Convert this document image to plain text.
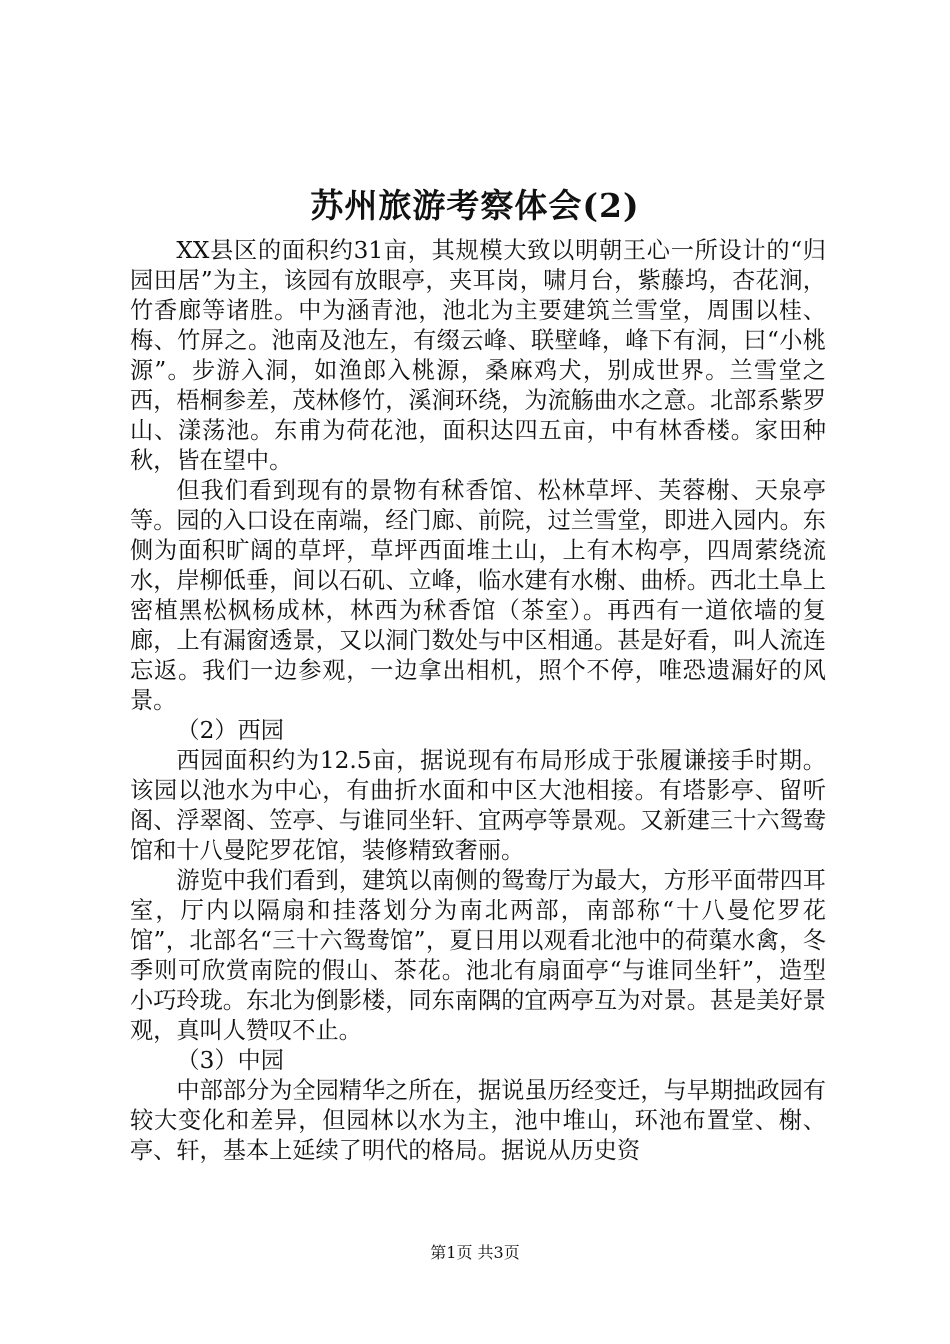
苏州旅游考察体会(2)

XX县区的面积约31亩，其规模大致以明朝王心一所设计的“归园田居”为主，该园有放眼亭，夹耳岗，啸月台，紫藤坞，杏花涧，竹香廊等诸胜。中为涵青池，池北为主要建筑兰雪堂，周围以桂、梅、竹屏之。池南及池左，有缀云峰、联壁峰，峰下有洞，曰“小桃源”。步游入洞，如渔郎入桃源，桑麻鸡犬，别成世界。兰雪堂之西，梧桐参差，茂林修竹，溪涧环绕，为流觞曲水之意。北部系紫罗山、漾荡池。东甫为荷花池，面积达四五亩，中有林香楼。家田种秋，皆在望中。

但我们看到现有的景物有秫香馆、松林草坪、芙蓉榭、天泉亭等。园的入口设在南端，经门廊、前院，过兰雪堂，即进入园内。东侧为面积旷阔的草坪，草坪西面堆土山，上有木构亭，四周萦绕流水，岸柳低垂，间以石矶、立峰，临水建有水榭、曲桥。西北土阜上密植黑松枫杨成林，林西为秫香馆（茶室）。再西有一道依墙的复廊，上有漏窗透景，又以洞门数处与中区相通。甚是好看，叫人流连忘返。我们一边参观，一边拿出相机，照个不停，唯恐遗漏好的风景。

（2）西园

西园面积约为12.5亩，据说现有布局形成于张履谦接手时期。该园以池水为中心，有曲折水面和中区大池相接。有塔影亭、留听阁、浮翠阁、笠亭、与谁同坐轩、宜两亭等景观。又新建三十六鸳鸯馆和十八曼陀罗花馆，装修精致奢丽。

游览中我们看到，建筑以南侧的鸳鸯厅为最大，方形平面带四耳室，厅内以隔扇和挂落划分为南北两部，南部称“十八曼佗罗花馆”，北部名“三十六鸳鸯馆”，夏日用以观看北池中的荷蕖水禽，冬季则可欣赏南院的假山、茶花。池北有扇面亭“与谁同坐轩”，造型小巧玲珑。东北为倒影楼，同东南隅的宜两亭互为对景。甚是美好景观，真叫人赞叹不止。

（3）中园

中部部分为全园精华之所在，据说虽历经变迁，与早期拙政园有较大变化和差异，但园林以水为主，池中堆山，环池布置堂、榭、亭、轩，基本上延续了明代的格局。据说从历史资

第1页 共3页
